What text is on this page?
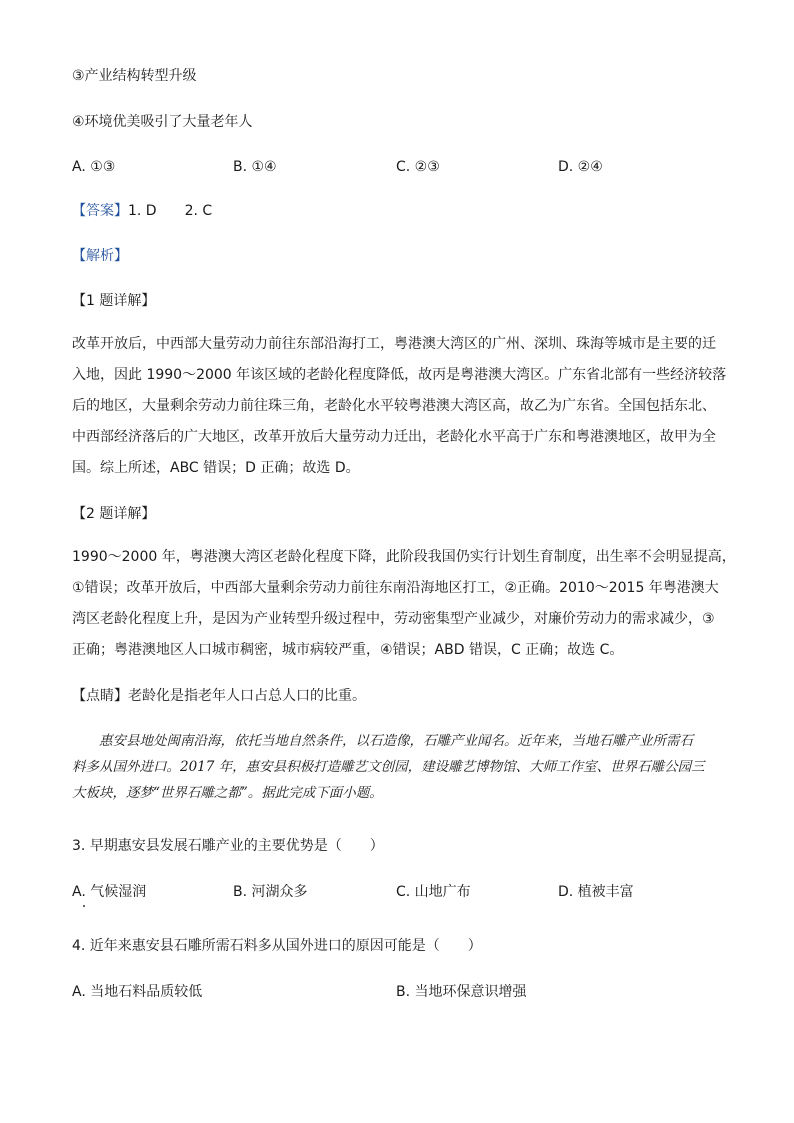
③产业结构转型升级
④环境优美吸引了大量老年人
A. ①③	B. ①④	C. ②③	D. ②④
【答案】1. D　　2. C
【解析】
【1 题详解】
改革开放后，中西部大量劳动力前往东部沿海打工，粤港澳大湾区的广州、深圳、珠海等城市是主要的迁
入地，因此 1990～2000 年该区域的老龄化程度降低，故丙是粤港澳大湾区。广东省北部有一些经济较落
后的地区，大量剩余劳动力前往珠三角，老龄化水平较粤港澳大湾区高，故乙为广东省。全国包括东北、
中西部经济落后的广大地区，改革开放后大量劳动力迁出，老龄化水平高于广东和粤港澳地区，故甲为全
国。综上所述，ABC 错误；D 正确；故选 D。
【2 题详解】
1990～2000 年，粤港澳大湾区老龄化程度下降，此阶段我国仍实行计划生育制度，出生率不会明显提高，
①错误；改革开放后，中西部大量剩余劳动力前往东南沿海地区打工，②正确。2010～2015 年粤港澳大
湾区老龄化程度上升，是因为产业转型升级过程中，劳动密集型产业减少，对廉价劳动力的需求减少，③
正确；粤港澳地区人口城市稠密，城市病较严重，④错误；ABD 错误，C 正确；故选 C。
【点睛】老龄化是指老年人口占总人口的比重。
　　惠安县地处闽南沿海，依托当地自然条件，以石造像，石雕产业闻名。近年来，当地石雕产业所需石
料多从国外进口。2017 年，惠安县积极打造雕艺文创园，建设雕艺博物馆、大师工作室、世界石雕公园三
大板块，逐梦“世界石雕之都”。据此完成下面小题。
3. 早期惠安县发展石雕产业的主要优势是（　　）
A. 气候湿润	B. 河湖众多	C. 山地广布	D. 植被丰富
4. 近年来惠安县石雕所需石料多从国外进口的原因可能是（　　）
A. 当地石料品质较低	B. 当地环保意识增强
